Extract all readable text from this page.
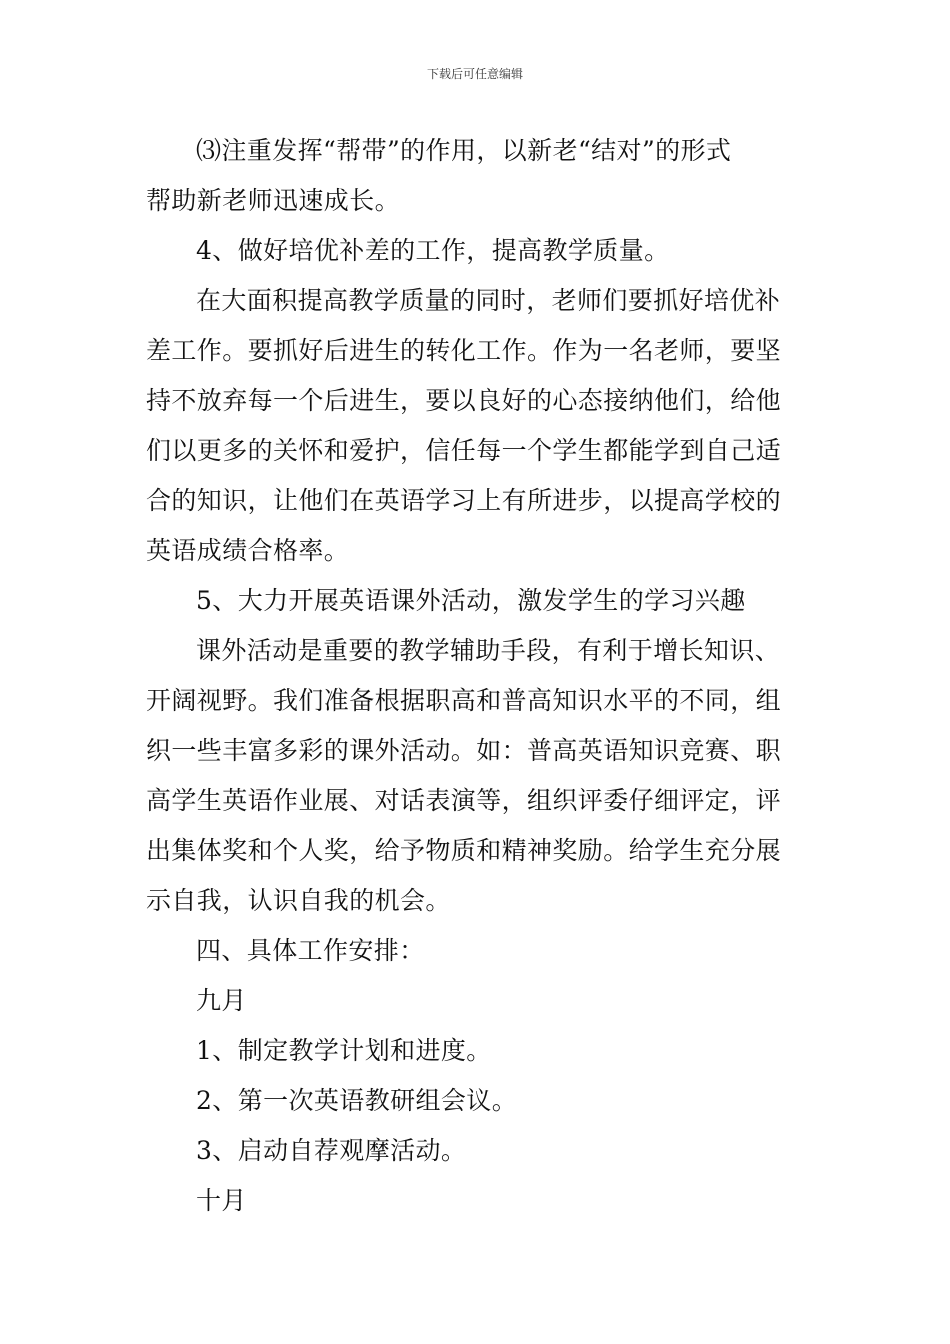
下载后可任意编辑
⑶注重发挥“帮带”的作用，以新老“结对”的形式
帮助新老师迅速成长。
4、做好培优补差的工作，提高教学质量。
在大面积提高教学质量的同时，老师们要抓好培优补
差工作。要抓好后进生的转化工作。作为一名老师，要坚
持不放弃每一个后进生，要以良好的心态接纳他们，给他
们以更多的关怀和爱护，信任每一个学生都能学到自己适
合的知识，让他们在英语学习上有所进步，以提高学校的
英语成绩合格率。
5、大力开展英语课外活动，激发学生的学习兴趣
课外活动是重要的教学辅助手段，有利于增长知识、
开阔视野。我们准备根据职高和普高知识水平的不同，组
织一些丰富多彩的课外活动。如：普高英语知识竞赛、职
高学生英语作业展、对话表演等，组织评委仔细评定，评
出集体奖和个人奖，给予物质和精神奖励。给学生充分展
示自我，认识自我的机会。
四、具体工作安排：
九月
1、制定教学计划和进度。
2、第一次英语教研组会议。
3、启动自荐观摩活动。
十月
